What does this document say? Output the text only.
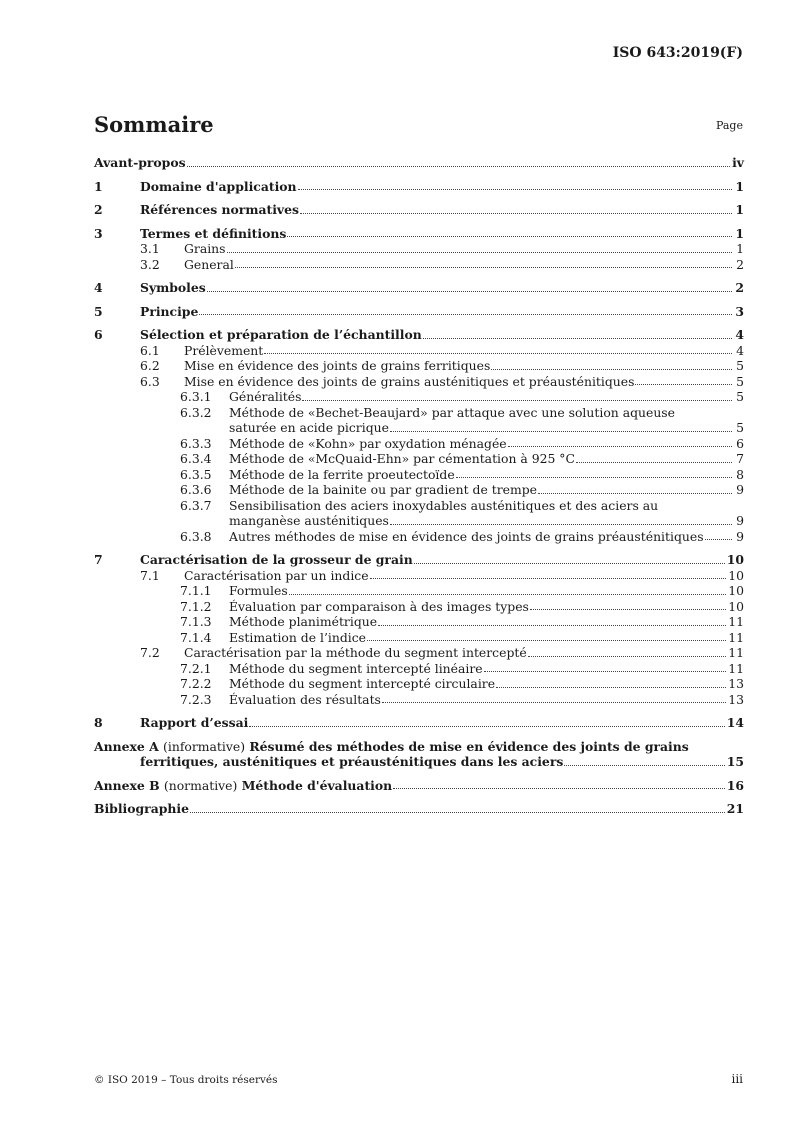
ISO 643:2019(F)
Sommaire	Page
Avant-propos	iv
1	Domaine d'application	1
2	Références normatives	1
3	Termes et définitions	1
3.1	Grains	1
3.2	General	2
4	Symboles	2
5	Principe	3
6	Sélection et préparation de l’échantillon	4
6.1	Prélèvement	4
6.2	Mise en évidence des joints de grains ferritiques	5
6.3	Mise en évidence des joints de grains austénitiques et préausténitiques	5
6.3.1	Généralités	5
6.3.2	Méthode de «Bechet-Beaujard» par attaque avec une solution aqueuse
saturée en acide picrique	5
6.3.3	Méthode de «Kohn» par oxydation ménagée	6
6.3.4	Méthode de «McQuaid-Ehn» par cémentation à 925 °C	7
6.3.5	Méthode de la ferrite proeutectoïde	8
6.3.6	Méthode de la bainite ou par gradient de trempe	9
6.3.7	Sensibilisation des aciers inoxydables austénitiques et des aciers au
manganèse austénitiques	9
6.3.8	Autres méthodes de mise en évidence des joints de grains préausténitiques	9
7	Caractérisation de la grosseur de grain	10
7.1	Caractérisation par un indice	10
7.1.1	Formules	10
7.1.2	Évaluation par comparaison à des images types	10
7.1.3	Méthode planimétrique	11
7.1.4	Estimation de l’indice	11
7.2	Caractérisation par la méthode du segment intercepté	11
7.2.1	Méthode du segment intercepté linéaire	11
7.2.2	Méthode du segment intercepté circulaire	13
7.2.3	Évaluation des résultats	13
8	Rapport d’essai	14
Annexe A (informative) Résumé des méthodes de mise en évidence des joints de grains
ferritiques, austénitiques et préausténitiques dans les aciers	15
Annexe B (normative) Méthode d'évaluation	16
Bibliographie	21
© ISO 2019 – Tous droits réservés	iii
